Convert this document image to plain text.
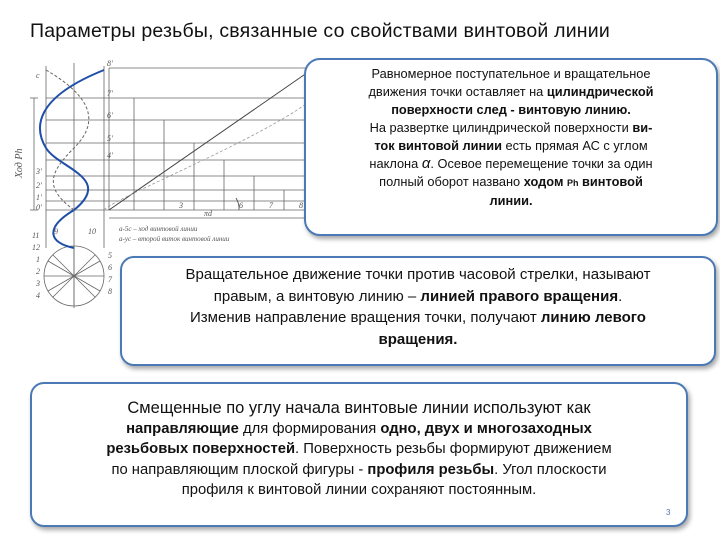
Параметры резьбы, связанные со свойствами винтовой линии
Ход Ph
c
8'
7'
6'
5'
4'
3'
2'
1'
0'	3	6	7	8
πd
11
12
1
2
3
4
5
6
7
8
9	10	а-5с – ход винтовой линии
а-ус – второй виток винтовой линии
Равномерное поступательное и вращательное
движения точки оставляет на цилиндрической
поверхности след - винтовую линию.
На развертке цилиндрической поверхности ви-
ток винтовой линии есть прямая АС с углом
наклона α. Осевое перемещение точки за один
полный оборот названо ходом Рh винтовой
линии.
Вращательное движение точки против часовой стрелки, называют
правым, а винтовую линию – линией правого вращения.
Изменив направление вращения точки, получают линию левого
вращения.
Смещенные по углу начала винтовые линии используют как
направляющие для формирования одно, двух и многозаходных
резьбовых поверхностей. Поверхность резьбы формируют движением
по направляющим плоской фигуры - профиля резьбы. Угол плоскости
профиля к винтовой линии сохраняют постоянным.
3
